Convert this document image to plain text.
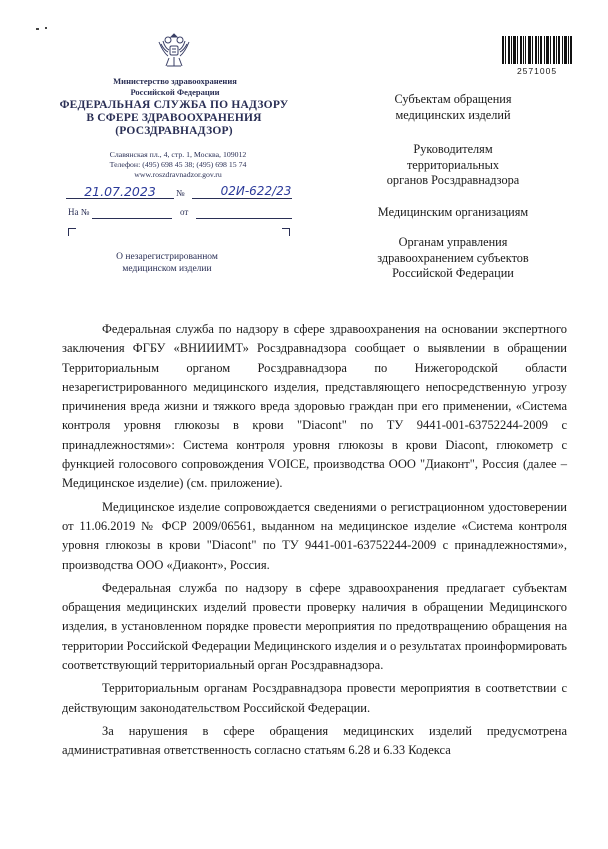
Министерство здравоохранения
Российской Федерации
ФЕДЕРАЛЬНАЯ СЛУЖБА ПО НАДЗОРУ
В СФЕРЕ ЗДРАВООХРАНЕНИЯ
(РОСЗДРАВНАДЗОР)
Славянская пл., 4, стр. 1, Москва, 109012
Телефон: (495) 698 45 38; (495) 698 15 74
www.roszdravnadzor.gov.ru
21.07.2023	№	02И-622/23
На №	от
О незарегистрированном
медицинском изделии
2571005
Субъектам обращения
медицинских изделий
Руководителям
территориальных
органов Росздравнадзора
Медицинским организациям
Органам управления
здравоохранением субъектов
Российской Федерации

Федеральная служба по надзору в сфере здравоохранения на основании экспертного заключения ФГБУ «ВНИИИМТ» Росздравнадзора сообщает о выявлении в обращении Территориальным органом Росздравнадзора по Нижегородской области незарегистрированного медицинского изделия, представляющего непосредственную угрозу причинения вреда жизни и тяжкого вреда здоровью граждан при его применении, «Система контроля уровня глюкозы в крови "Diacont" по ТУ 9441-001-63752244-2009 с принадлежностями»: Система контроля уровня глюкозы в крови Diacont, глюкометр с функцией голосового сопровождения VOICE, производства ООО "Диаконт", Россия (далее – Медицинское изделие) (см. приложение).

Медицинское изделие сопровождается сведениями о регистрационном удостоверении от 11.06.2019 № ФСР 2009/06561, выданном на медицинское изделие «Система контроля уровня глюкозы в крови "Diacont" по ТУ 9441-001-63752244-2009 с принадлежностями», производства ООО «Диаконт», Россия.

Федеральная служба по надзору в сфере здравоохранения предлагает субъектам обращения медицинских изделий провести проверку наличия в обращении Медицинского изделия, в установленном порядке провести мероприятия по предотвращению обращения на территории Российской Федерации Медицинского изделия и о результатах проинформировать соответствующий территориальный орган Росздравнадзора.

Территориальным органам Росздравнадзора провести мероприятия в соответствии с действующим законодательством Российской Федерации.

За нарушения в сфере обращения медицинских изделий предусмотрена административная ответственность согласно статьям 6.28 и 6.33 Кодекса
